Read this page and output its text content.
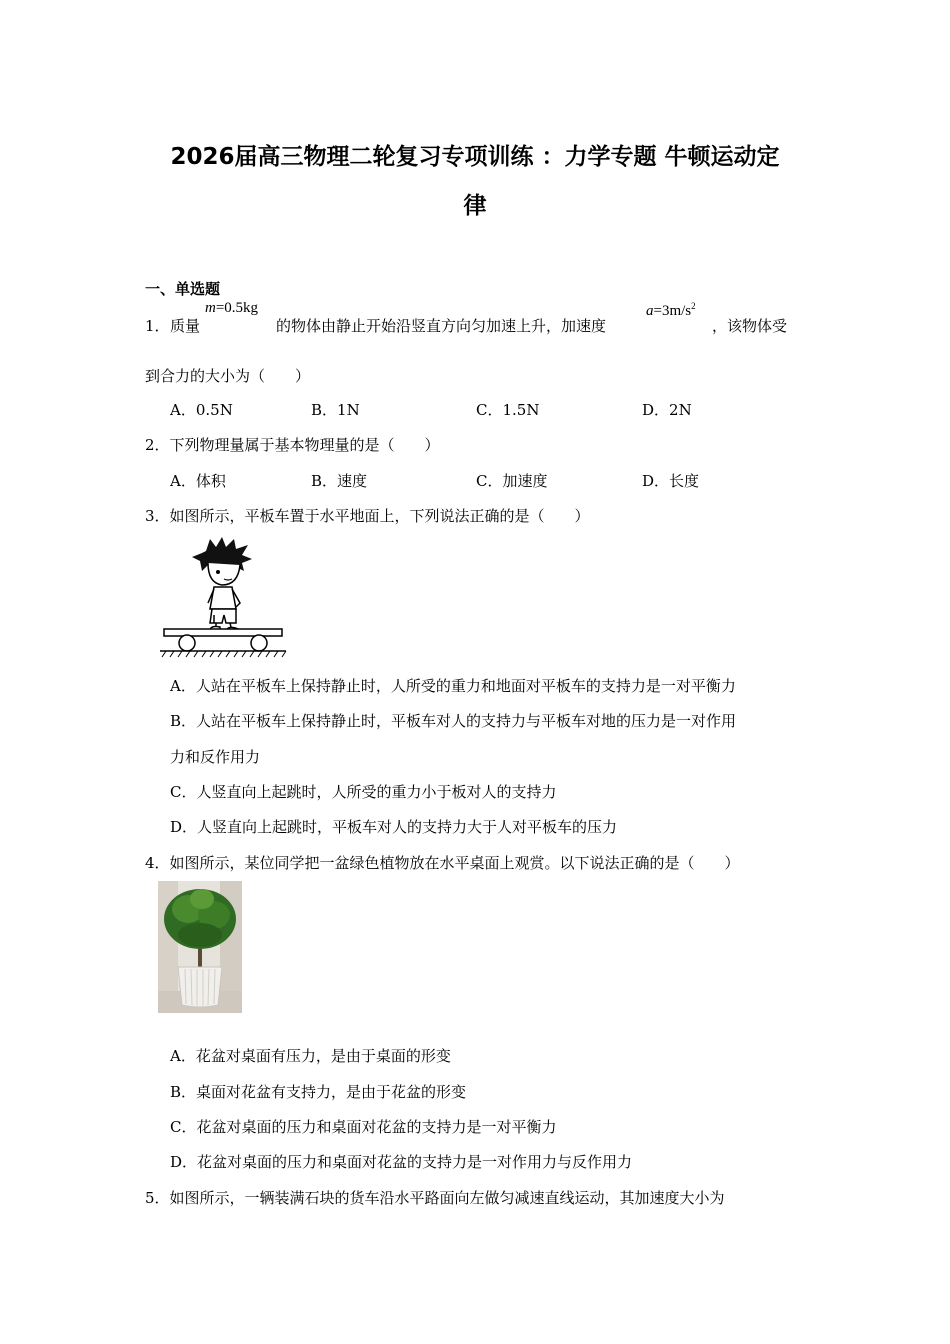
2026届高三物理二轮复习专项训练 ：力学专题 牛顿运动定
律
一、单选题
1． 质量
m=0.5kg
的物体由静止开始沿竖直方向匀加速上升，加速度
$a=3m/s^2$
，该物体受
到合力的大小为（　　）
A．0.5N	B．1N	C．1.5N	D．2N
2．下列物理量属于基本物理量的是（　　）
A．体积	B．速度	C．加速度	D．长度
3．如图所示，平板车置于水平地面上，下列说法正确的是（　　）
A．人站在平板车上保持静止时，人所受的重力和地面对平板车的支持力是一对平衡力
B．人站在平板车上保持静止时，平板车对人的支持力与平板车对地的压力是一对作用
力和反作用力
C．人竖直向上起跳时，人所受的重力小于板对人的支持力
D．人竖直向上起跳时，平板车对人的支持力大于人对平板车的压力
4．如图所示，某位同学把一盆绿色植物放在水平桌面上观赏。以下说法正确的是（　　）
A．花盆对桌面有压力，是由于桌面的形变
B．桌面对花盆有支持力，是由于花盆的形变
C．花盆对桌面的压力和桌面对花盆的支持力是一对平衡力
D．花盆对桌面的压力和桌面对花盆的支持力是一对作用力与反作用力
5．如图所示，一辆装满石块的货车沿水平路面向左做匀减速直线运动，其加速度大小为
